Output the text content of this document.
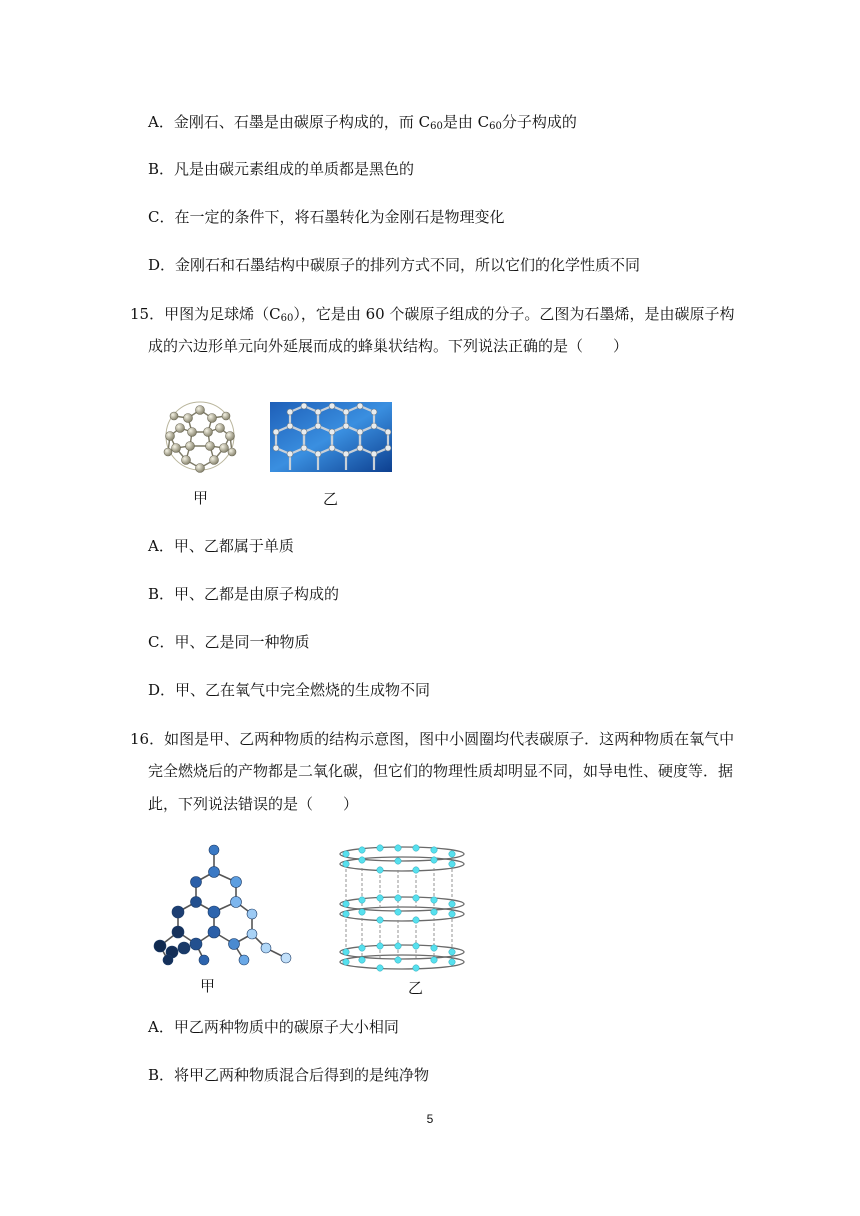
A．金刚石、石墨是由碳原子构成的，而 $C_{60}$是由 $C_{60}$分子构成的
B．凡是由碳元素组成的单质都是黑色的
C．在一定的条件下，将石墨转化为金刚石是物理变化
D．金刚石和石墨结构中碳原子的排列方式不同，所以它们的化学性质不同
15．甲图为足球烯$(C_{60})$，它是由 60 个碳原子组成的分子。乙图为石墨烯，是由碳原子构
成的六边形单元向外延展而成的蜂巢状结构。下列说法正确的是（　　）
甲	乙
A．甲、乙都属于单质
B．甲、乙都是由原子构成的
C．甲、乙是同一种物质
D．甲、乙在氧气中完全燃烧的生成物不同
16．如图是甲、乙两种物质的结构示意图，图中小圆圈均代表碳原子．这两种物质在氧气中
完全燃烧后的产物都是二氧化碳，但它们的物理性质却明显不同，如导电性、硬度等．据
此，下列说法错误的是（　　）
甲	乙
A．甲乙两种物质中的碳原子大小相同
B．将甲乙两种物质混合后得到的是纯净物
5
